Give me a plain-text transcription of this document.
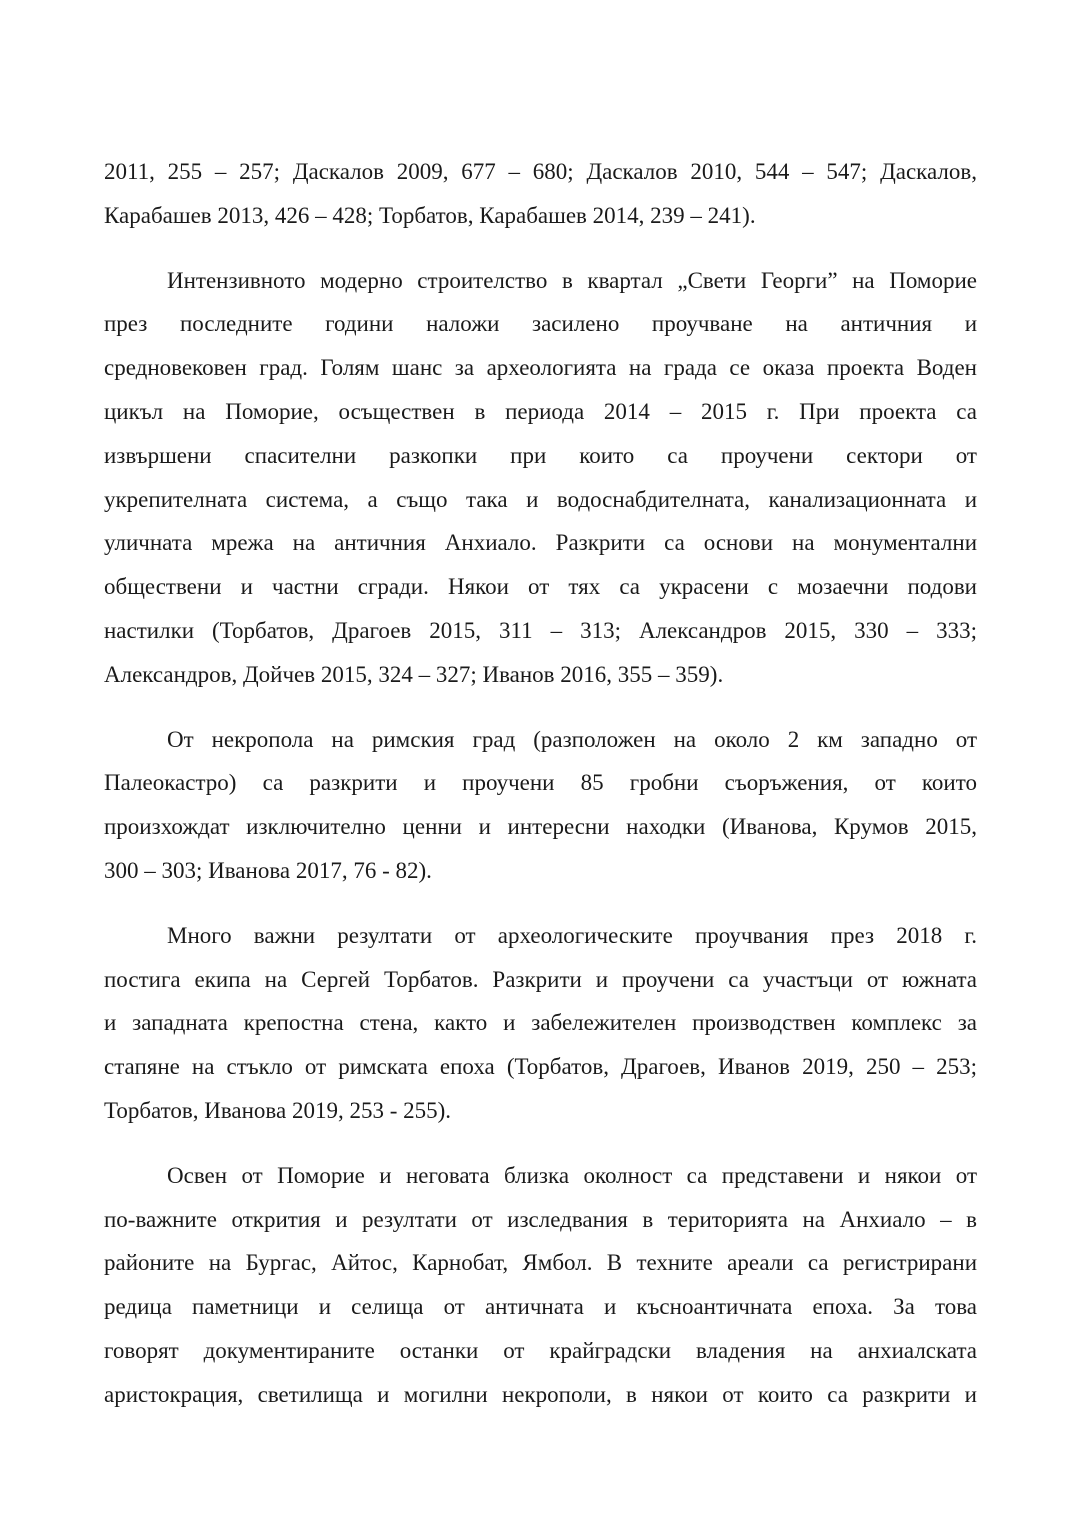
2011, 255 – 257; Даскалов 2009, 677 – 680; Даскалов 2010, 544 – 547; Даскалов,
Карабашев 2013, 426 – 428; Торбатов, Карабашев 2014, 239 – 241).

Интензивното модерно строителство в квартал „Свети Георги” на Поморие
през последните години наложи засилено проучване на античния и
средновековен град. Голям шанс за археологията на града се оказа проекта Воден
цикъл на Поморие, осъществен в периода 2014 – 2015 г. При проекта са
извършени спасителни разкопки при които са проучени сектори от
укрепителната система, а също така и водоснабдителната, канализационната и
уличната мрежа на античния Анхиало. Разкрити са основи на монументални
обществени и частни сгради. Някои от тях са украсени с мозаечни подови
настилки (Торбатов, Драгоев 2015, 311 – 313; Александров 2015, 330 – 333;
Александров, Дойчев 2015, 324 – 327; Иванов 2016, 355 – 359).

От некропола на римския град (разположен на около 2 км западно от
Палеокастро) са разкрити и проучени 85 гробни съоръжения, от които
произхождат изключително ценни и интересни находки (Иванова, Крумов 2015,
300 – 303; Иванова 2017, 76 - 82).

Много важни резултати от археологическите проучвания през 2018 г.
постига екипа на Сергей Торбатов. Разкрити и проучени са участъци от южната
и западната крепостна стена, както и забележителен производствен комплекс за
стапяне на стъкло от римската епоха (Торбатов, Драгоев, Иванов 2019, 250 – 253;
Торбатов, Иванова 2019, 253 - 255).

Освен от Поморие и неговата близка околност са представени и някои от
по-важните открития и резултати от изследвания в територията на Анхиало – в
районите на Бургас, Айтос, Карнобат, Ямбол. В техните ареали са регистрирани
редица паметници и селища от античната и късноантичната епоха. За това
говорят документираните останки от крайградски владения на анхиалската
аристокрация, светилища и могилни некрополи, в някои от които са разкрити и
